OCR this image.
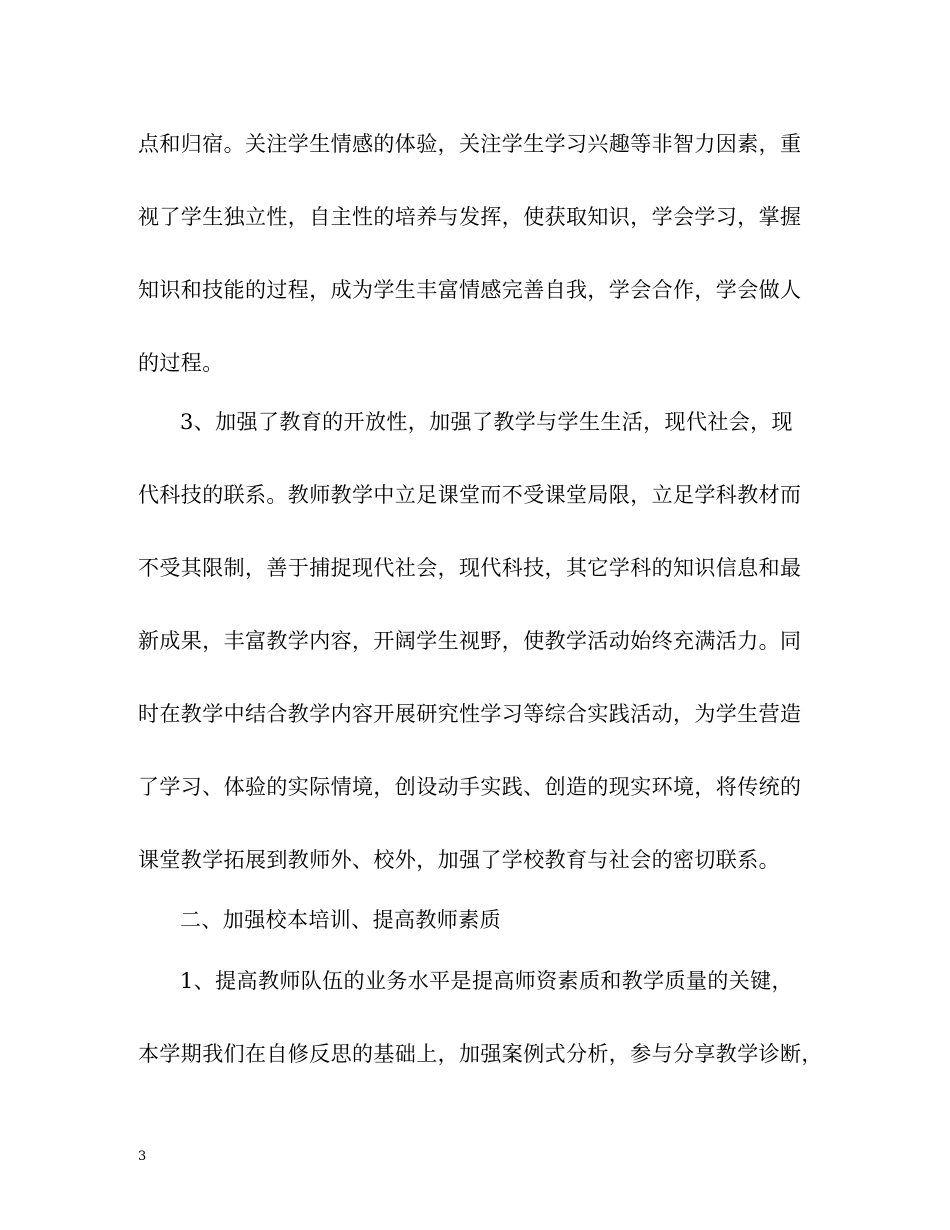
点和归宿。关注学生情感的体验，关注学生学习兴趣等非智力因素，重
视了学生独立性，自主性的培养与发挥，使获取知识，学会学习，掌握
知识和技能的过程，成为学生丰富情感完善自我，学会合作，学会做人
的过程。
3、加强了教育的开放性，加强了教学与学生生活，现代社会，现
代科技的联系。教师教学中立足课堂而不受课堂局限，立足学科教材而
不受其限制，善于捕捉现代社会，现代科技，其它学科的知识信息和最
新成果，丰富教学内容，开阔学生视野，使教学活动始终充满活力。同
时在教学中结合教学内容开展研究性学习等综合实践活动，为学生营造
了学习、体验的实际情境，创设动手实践、创造的现实环境，将传统的
课堂教学拓展到教师外、校外，加强了学校教育与社会的密切联系。
二、加强校本培训、提高教师素质
1、提高教师队伍的业务水平是提高师资素质和教学质量的关键，
本学期我们在自修反思的基础上，加强案例式分析，参与分享教学诊断，
3
